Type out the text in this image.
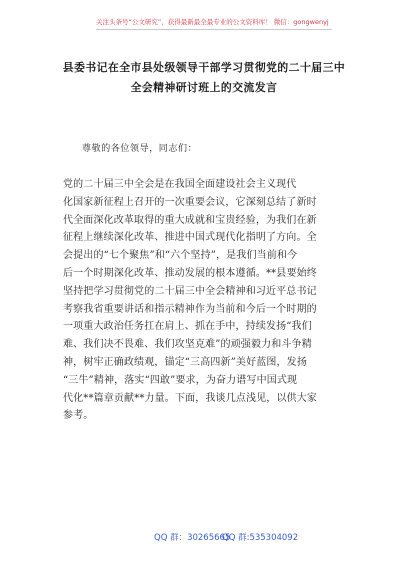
关注头条号“公文研究”，获得最新最全最专业的公文资料库！ 微信：gongwenyj
县委书记在全市县处级领导干部学习贯彻党的二十届三中
全会精神研讨班上的交流发言
尊敬的各位领导，同志们：
党的二十届三中全会是在我国全面建设社会主义现代
化国家新征程上召开的一次重要会议，它深刻总结了新时
代全面深化改革取得的重大成就和宝贵经验，为我们在新
征程上继续深化改革、推进中国式现代化指明了方向。全
会提出的“七个聚焦”和“六个坚持”，是我们当前和今
后一个时期深化改革、推动发展的根本遵循。**县要始终
坚持把学习贯彻党的二十届三中全会精神和习近平总书记
考察我省重要讲话和指示精神作为当前和今后一个时期的
一项重大政治任务扛在肩上、抓在手中，持续发扬“我们
难、我们决不畏难、我们攻坚克难”的顽强毅力和斗争精
神，树牢正确政绩观，锚定“三高四新”美好蓝图，发扬
“三牛”精神，落实“四敢”要求，为奋力谱写中国式现
代化**篇章贡献**力量。下面，我谈几点浅见，以供大家
参考。
QQ 群：30265665
QQ 群:535304092
